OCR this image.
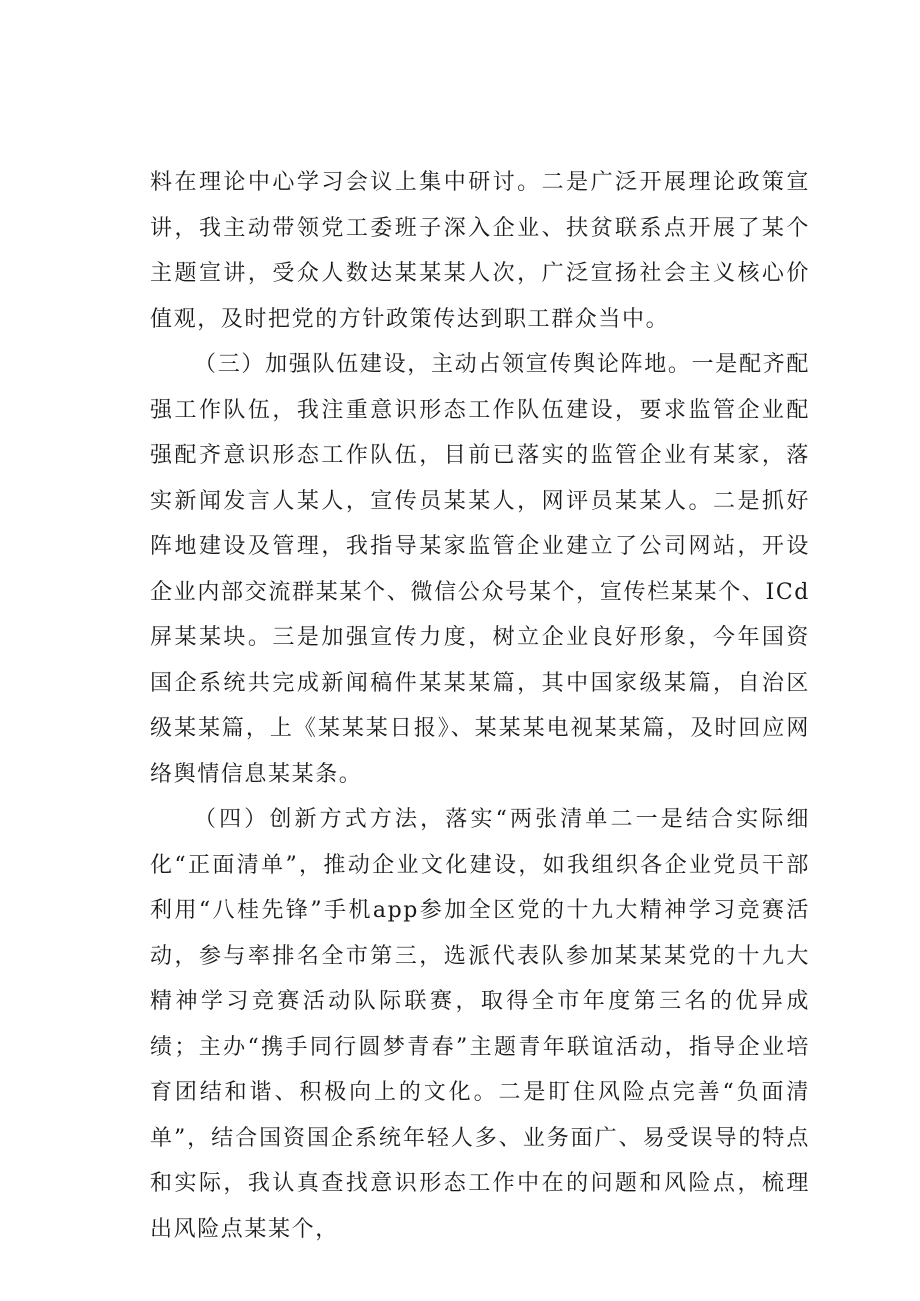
料在理论中心学习会议上集中研讨。二是广泛开展理论政策宣讲，我主动带领党工委班子深入企业、扶贫联系点开展了某个主题宣讲，受众人数达某某某人次，广泛宣扬社会主义核心价值观，及时把党的方针政策传达到职工群众当中。

（三）加强队伍建设，主动占领宣传舆论阵地。一是配齐配强工作队伍，我注重意识形态工作队伍建设，要求监管企业配强配齐意识形态工作队伍，目前已落实的监管企业有某家，落实新闻发言人某人，宣传员某某人，网评员某某人。二是抓好阵地建设及管理，我指导某家监管企业建立了公司网站，开设企业内部交流群某某个、微信公众号某个，宣传栏某某个、ICd屏某某块。三是加强宣传力度，树立企业良好形象，今年国资国企系统共完成新闻稿件某某某篇，其中国家级某篇，自治区级某某篇，上《某某某日报》、某某某电视某某篇，及时回应网络舆情信息某某条。

（四）创新方式方法，落实“两张清单二一是结合实际细化“正面清单”，推动企业文化建设，如我组织各企业党员干部利用“八桂先锋”手机app参加全区党的十九大精神学习竞赛活动，参与率排名全市第三，选派代表队参加某某某党的十九大精神学习竞赛活动队际联赛，取得全市年度第三名的优异成绩；主办“携手同行圆梦青春”主题青年联谊活动，指导企业培育团结和谐、积极向上的文化。二是盯住风险点完善“负面清单”，结合国资国企系统年轻人多、业务面广、易受误导的特点和实际，我认真查找意识形态工作中在的问题和风险点，梳理出风险点某某个，
